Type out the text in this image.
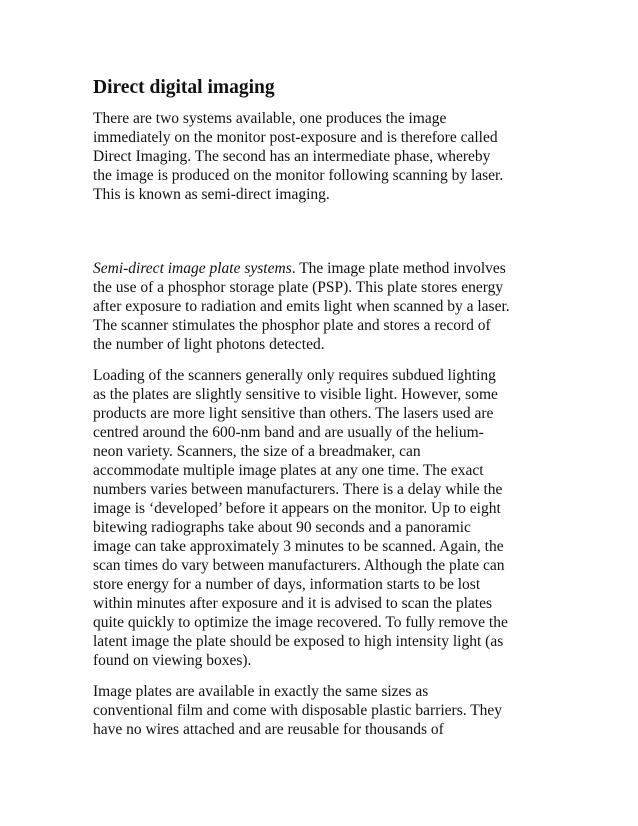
Direct digital imaging

There are two systems available, one produces the image
immediately on the monitor post-exposure and is therefore called
Direct Imaging. The second has an intermediate phase, whereby
the image is produced on the monitor following scanning by laser.
This is known as semi-direct imaging.

Semi-direct image plate systems. The image plate method involves
the use of a phosphor storage plate (PSP). This plate stores energy
after exposure to radiation and emits light when scanned by a laser.
The scanner stimulates the phosphor plate and stores a record of
the number of light photons detected.

Loading of the scanners generally only requires subdued lighting
as the plates are slightly sensitive to visible light. However, some
products are more light sensitive than others. The lasers used are
centred around the 600-nm band and are usually of the helium-
neon variety. Scanners, the size of a breadmaker, can
accommodate multiple image plates at any one time. The exact
numbers varies between manufacturers. There is a delay while the
image is ‘developed’ before it appears on the monitor. Up to eight
bitewing radiographs take about 90 seconds and a panoramic
image can take approximately 3 minutes to be scanned. Again, the
scan times do vary between manufacturers. Although the plate can
store energy for a number of days, information starts to be lost
within minutes after exposure and it is advised to scan the plates
quite quickly to optimize the image recovered. To fully remove the
latent image the plate should be exposed to high intensity light (as
found on viewing boxes).

Image plates are available in exactly the same sizes as
conventional film and come with disposable plastic barriers. They
have no wires attached and are reusable for thousands of
